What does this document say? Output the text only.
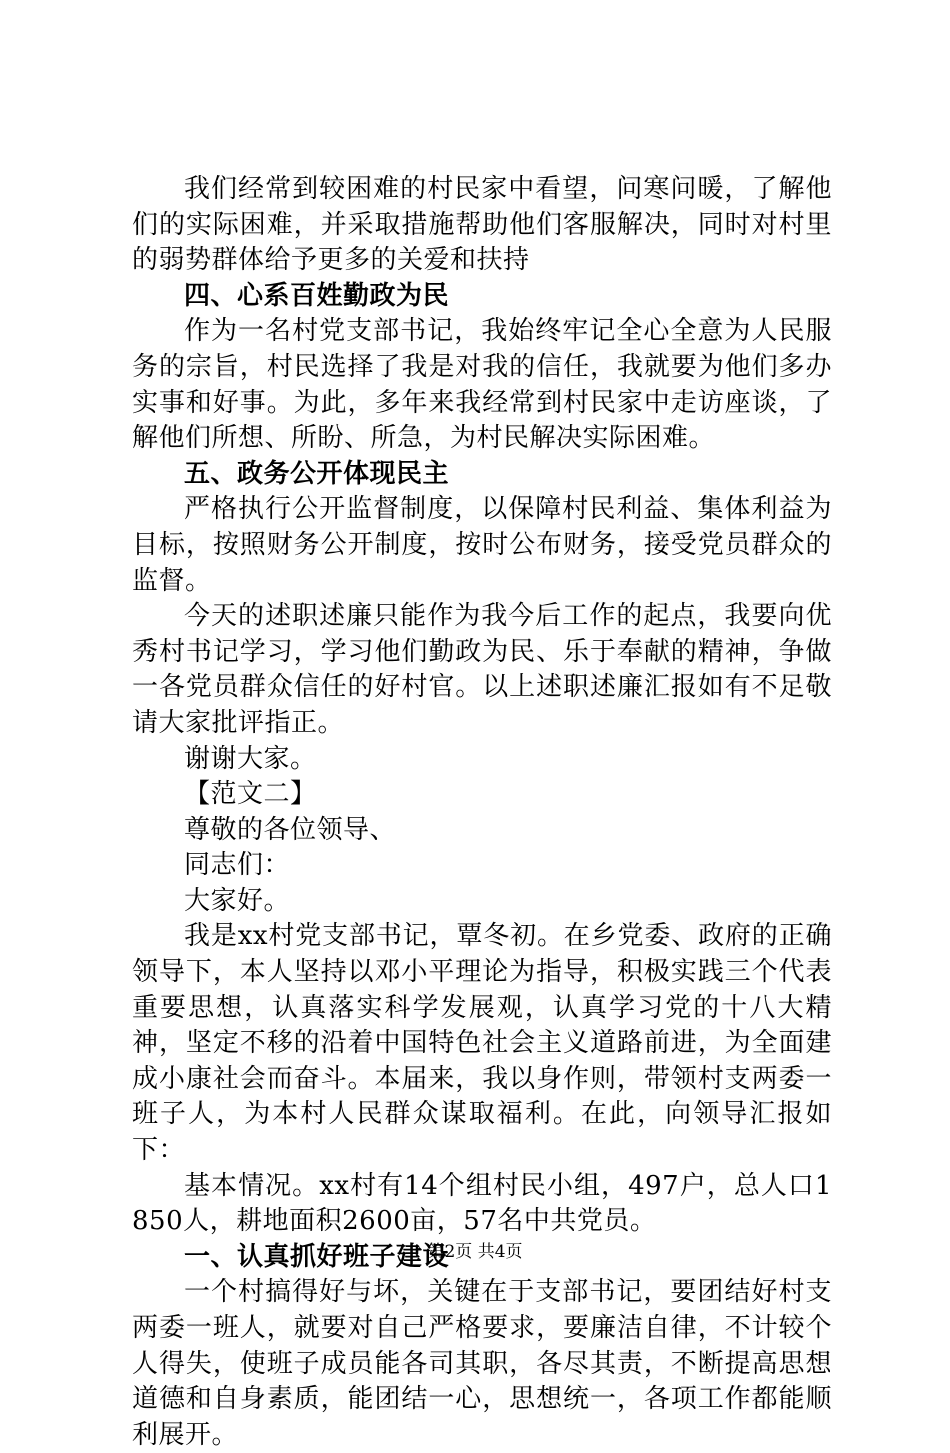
我们经常到较困难的村民家中看望，问寒问暖，了解他们的实际困难，并采取措施帮助他们客服解决，同时对村里的弱势群体给予更多的关爱和扶持

四、心系百姓勤政为民

作为一名村党支部书记，我始终牢记全心全意为人民服务的宗旨，村民选择了我是对我的信任，我就要为他们多办实事和好事。为此，多年来我经常到村民家中走访座谈，了解他们所想、所盼、所急，为村民解决实际困难。

五、政务公开体现民主

严格执行公开监督制度，以保障村民利益、集体利益为目标，按照财务公开制度，按时公布财务，接受党员群众的监督。

今天的述职述廉只能作为我今后工作的起点，我要向优秀村书记学习，学习他们勤政为民、乐于奉献的精神，争做一各党员群众信任的好村官。以上述职述廉汇报如有不足敬请大家批评指正。

谢谢大家。

【范文二】

尊敬的各位领导、

同志们：

大家好。

我是xx村党支部书记，覃冬初。在乡党委、政府的正确领导下，本人坚持以邓小平理论为指导，积极实践三个代表重要思想，认真落实科学发展观，认真学习党的十八大精神，坚定不移的沿着中国特色社会主义道路前进，为全面建成小康社会而奋斗。本届来，我以身作则，带领村支两委一班子人，为本村人民群众谋取福利。在此，向领导汇报如下：

基本情况。xx村有14个组村民小组，497户，总人口1850人，耕地面积2600亩，57名中共党员。

一、认真抓好班子建设

一个村搞得好与坏，关键在于支部书记，要团结好村支两委一班人，就要对自己严格要求，要廉洁自律，不计较个人得失，使班子成员能各司其职，各尽其责，不断提高思想道德和自身素质，能团结一心，思想统一，各项工作都能顺利展开。

第2页 共4页
